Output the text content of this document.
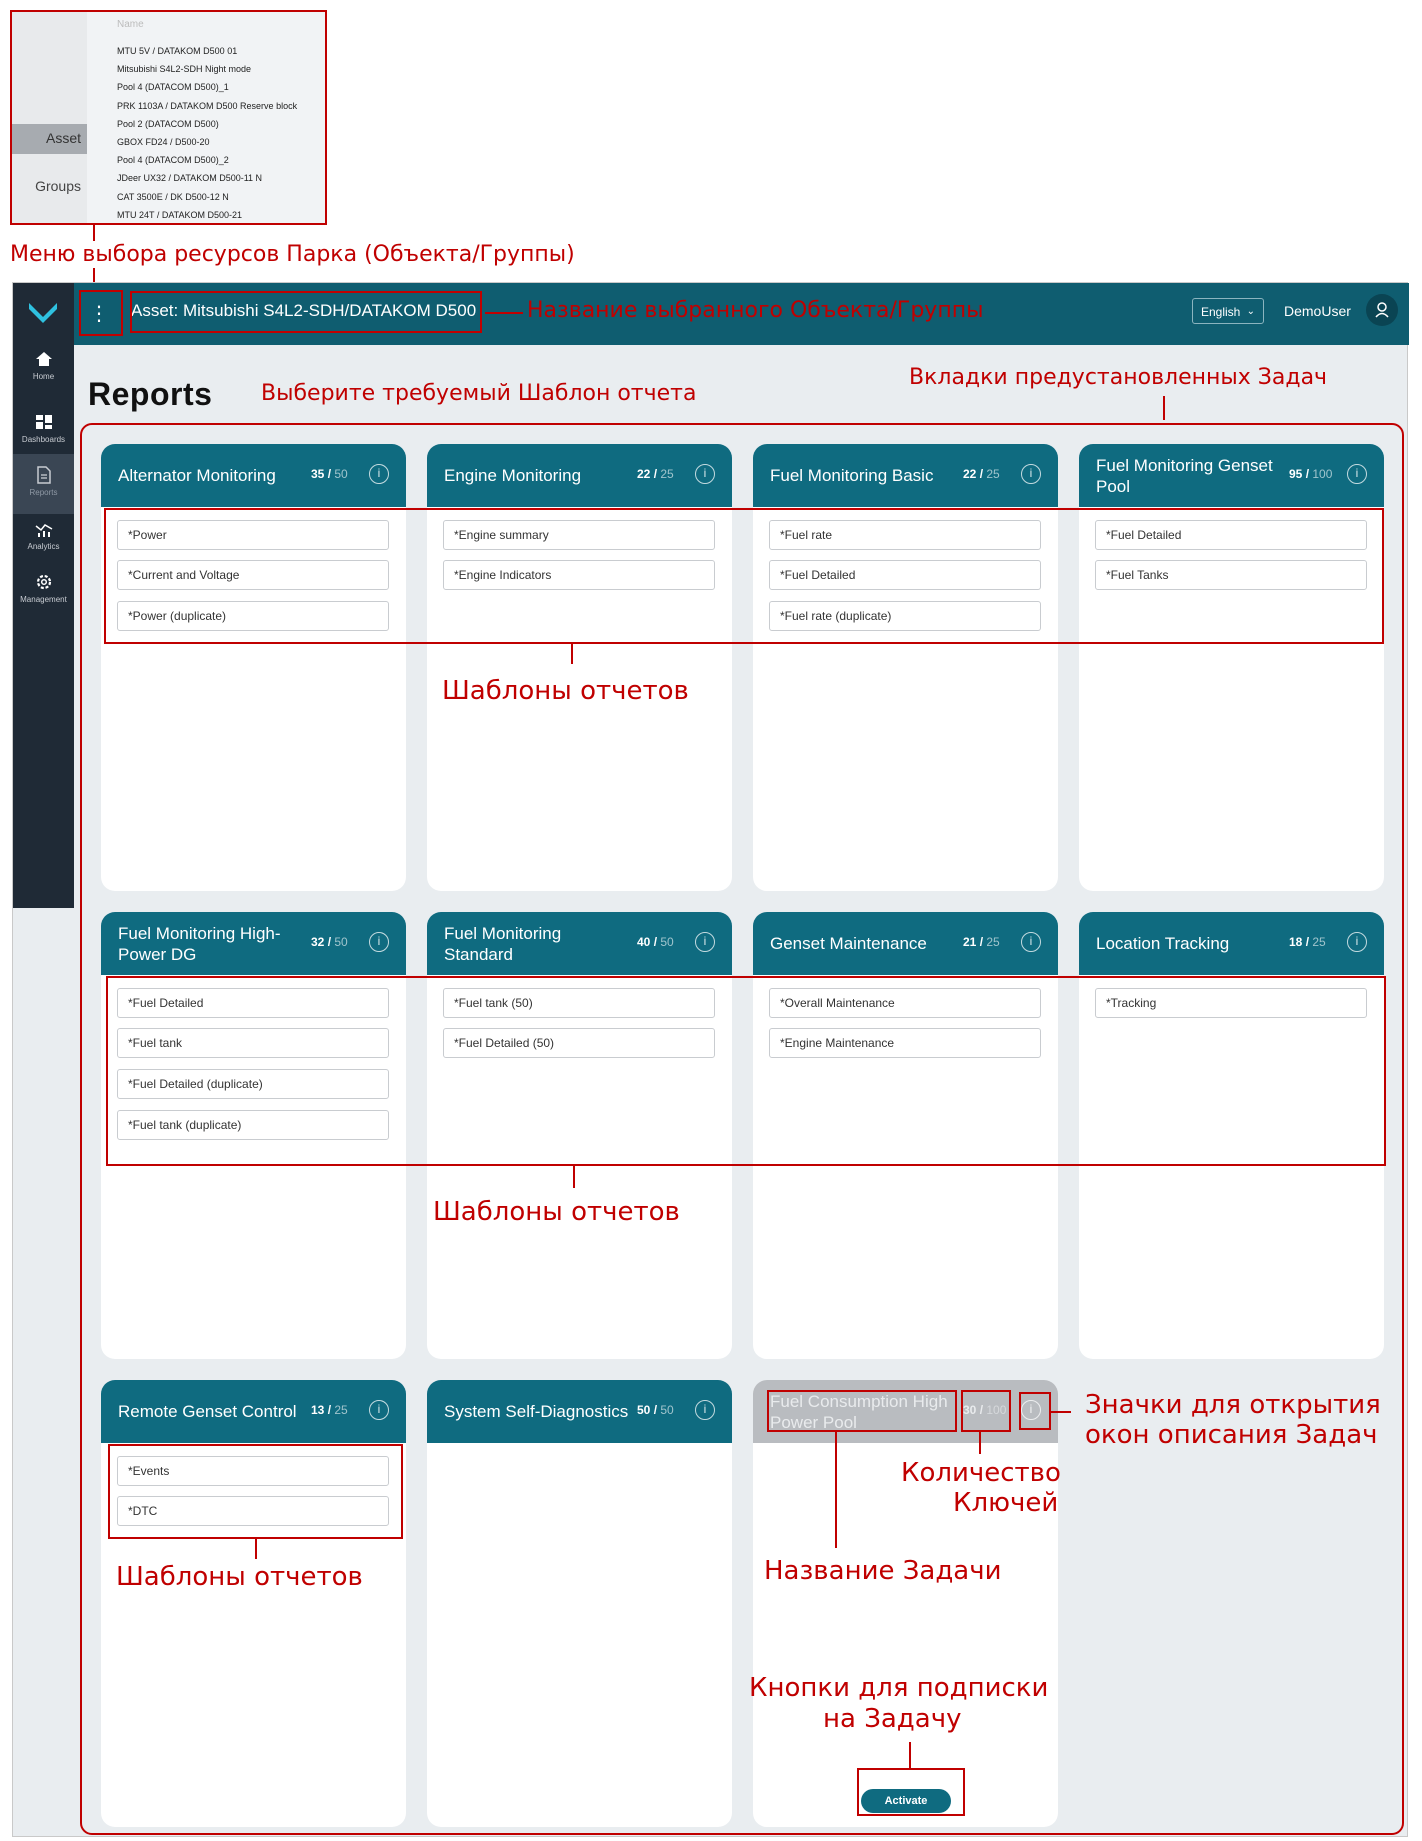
Asset
Groups
Name
MTU 5V / DATAKOM D500 01
Mitsubishi S4L2-SDH Night mode
Pool 4 (DATACOM D500)_1
PRK 1103A / DATAKOM D500 Reserve block
Pool 2 (DATACOM D500)
GBOX FD24 / D500-20
Pool 4 (DATACOM D500)_2
JDeer UX32 / DATAKOM D500-11 N
CAT 3500E / DK D500-12 N
MTU 24T / DATAKOM D500-21
Меню выбора ресурсов Парка (Объекта/Группы)
Home
Dashboards
Reports
Analytics
Management
⋮	Asset: Mitsubishi S4L2-SDH/DATAKOM D500	English ⌄ DemoUser
Название выбранного Объекта/Группы
Reports Выберите требуемый Шаблон отчета
Вкладки предустановленных Задач
Alternator Monitoring	35 / 50	i
*Power
*Current and Voltage
*Power (duplicate)
Engine Monitoring	22 / 25	i
*Engine summary
*Engine Indicators
Fuel Monitoring Basic	22 / 25	i
*Fuel rate
*Fuel Detailed
*Fuel rate (duplicate)
Fuel Monitoring Genset Pool
95 / 100	i
*Fuel Detailed
*Fuel Tanks
Fuel Monitoring High-Power DG
32 / 50	i
*Fuel Detailed
*Fuel tank
*Fuel Detailed (duplicate)
*Fuel tank (duplicate)
Fuel Monitoring Standard
40 / 50	i
*Fuel tank (50)
*Fuel Detailed (50)
Genset Maintenance	21 / 25	i
*Overall Maintenance
*Engine Maintenance
Location Tracking	18 / 25	i
*Tracking
Remote Genset Control	13 / 25	i
*Events
*DTC
System Self-Diagnostics 50 / 50	i	Fuel Consumption High Power Pool
30 / 100	i
Activate
Шаблоны отчетов
Шаблоны отчетов
Шаблоны отчетов
Значки для открытия
окон описания Задач
Количество
Ключей
Название Задачи
Кнопки для подписки
на Задачу
